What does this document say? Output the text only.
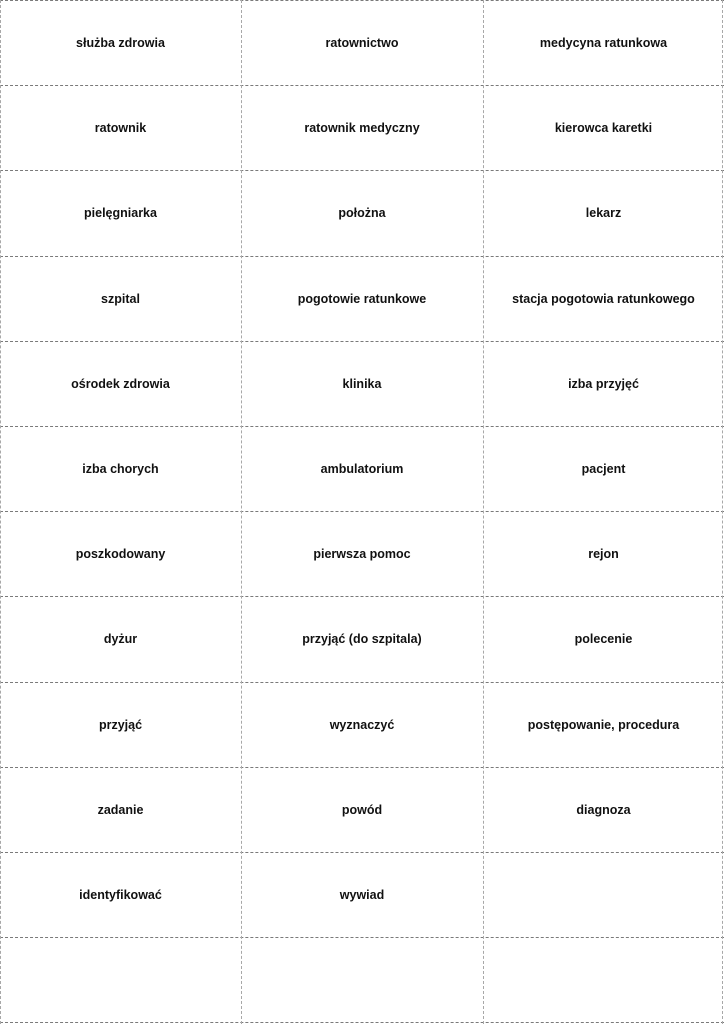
służba zdrowia	ratownictwo	medycyna ratunkowa
ratownik	ratownik medyczny	kierowca karetki
pielęgniarka	położna	lekarz
szpital	pogotowie ratunkowe	stacja pogotowia ratunkowego
ośrodek zdrowia	klinika	izba przyjęć
izba chorych	ambulatorium	pacjent
poszkodowany	pierwsza pomoc	rejon
dyżur	przyjąć (do szpitala)	polecenie
przyjąć	wyznaczyć	postępowanie, procedura
zadanie	powód	diagnoza
identyfikować	wywiad
